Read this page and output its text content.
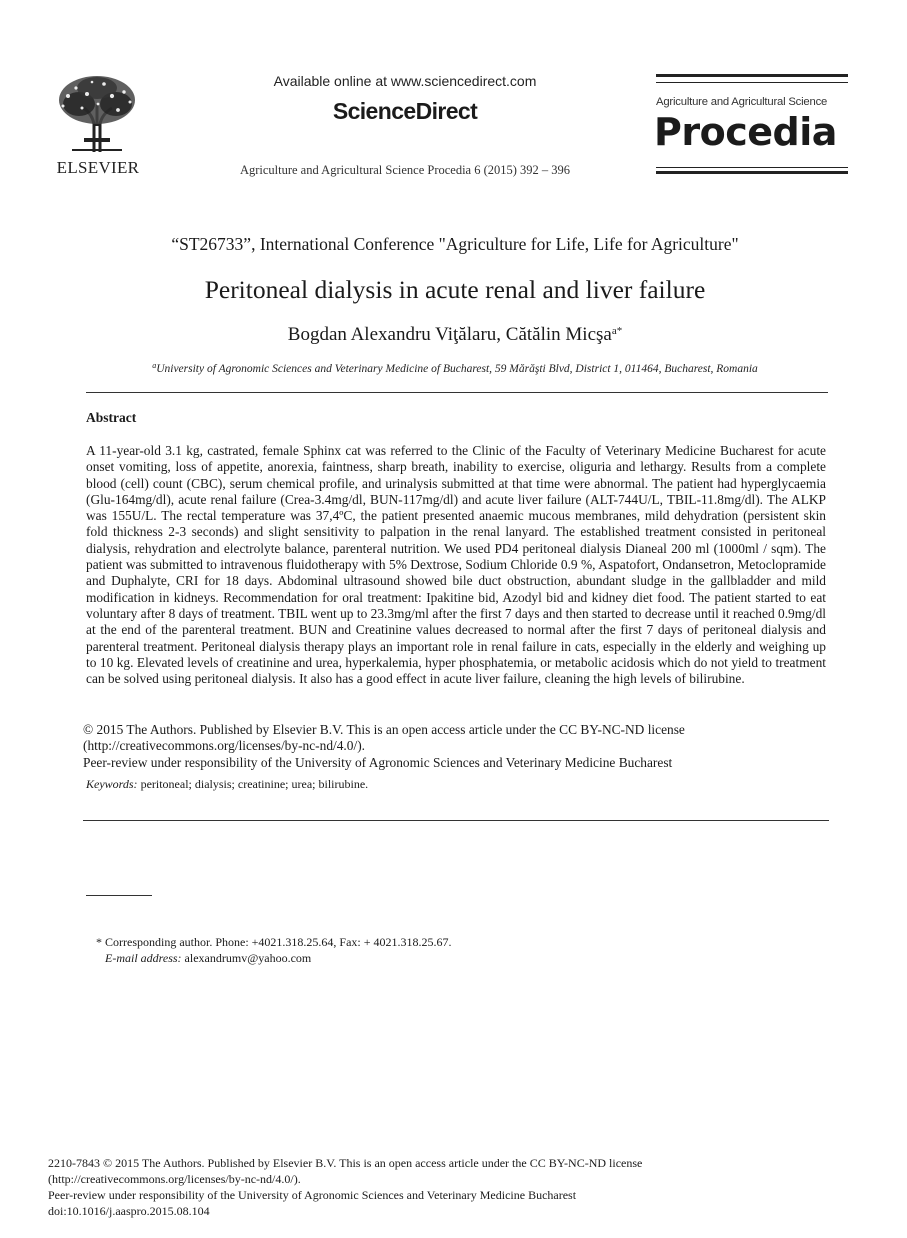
ELSEVIER
Available online at www.sciencedirect.com
ScienceDirect
Agriculture and Agricultural Science Procedia 6 (2015) 392 – 396
Agriculture and Agricultural Science
Procedia
“ST26733”, International Conference "Agriculture for Life, Life for Agriculture"
Peritoneal dialysis in acute renal and liver failure
Bogdan Alexandru Viţălaru, Cătălin Micşa$^{a*}$
$^a$University of Agronomic Sciences and Veterinary Medicine of Bucharest, 59 Mărăşti Blvd, District 1, 011464, Bucharest, Romania
Abstract
A 11-year-old 3.1 kg, castrated, female Sphinx cat was referred to the Clinic of the Faculty of Veterinary Medicine Bucharest for acute onset vomiting, loss of appetite, anorexia, faintness, sharp breath, inability to exercise, oliguria and lethargy. Results from a complete blood (cell) count (CBC), serum chemical profile, and urinalysis submitted at that time were abnormal. The patient had hyperglycaemia (Glu-164mg/dl), acute renal failure (Crea-3.4mg/dl, BUN-117mg/dl) and acute liver failure (ALT-744U/L, TBIL-11.8mg/dl). The ALKP was 155U/L. The rectal temperature was 37,4ºC, the patient presented anaemic mucous membranes, mild dehydration (persistent skin fold thickness 2-3 seconds) and slight sensitivity to palpation in the renal lanyard. The established treatment consisted in peritoneal dialysis, rehydration and electrolyte balance, parenteral nutrition. We used PD4 peritoneal dialysis Dianeal 200 ml (1000ml / sqm). The patient was submitted to intravenous fluidotherapy with 5% Dextrose, Sodium Chloride 0.9 %, Aspatofort, Ondansetron, Metoclopramide and Duphalyte, CRI for 18 days. Abdominal ultrasound showed bile duct obstruction, abundant sludge in the gallbladder and mild modification in kidneys. Recommendation for oral treatment: Ipakitine bid, Azodyl bid and kidney diet food. The patient started to eat voluntary after 8 days of treatment. TBIL went up to 23.3mg/ml after the first 7 days and then started to decrease until it reached 0.9mg/dl at the end of the parenteral treatment. BUN and Creatinine values decreased to normal after the first 7 days of peritoneal dialysis and parenteral treatment. Peritoneal dialysis therapy plays an important role in renal failure in cats, especially in the elderly and weighing up to 10 kg. Elevated levels of creatinine and urea, hyperkalemia, hyper phosphatemia, or metabolic acidosis which do not yield to treatment can be solved using peritoneal dialysis. It also has a good effect in acute liver failure, cleaning the high levels of bilirubine.
© 2015 The Authors. Published by Elsevier B.V. This is an open access article under the CC BY-NC-ND license
(http://creativecommons.org/licenses/by-nc-nd/4.0/).
Peer-review under responsibility of the University of Agronomic Sciences and Veterinary Medicine Bucharest
Keywords: peritoneal; dialysis; creatinine; urea; bilirubine.
* Corresponding author. Phone: +4021.318.25.64, Fax: + 4021.318.25.67.
E-mail address: alexandrumv@yahoo.com
2210-7843 © 2015 The Authors. Published by Elsevier B.V. This is an open access article under the CC BY-NC-ND license
(http://creativecommons.org/licenses/by-nc-nd/4.0/).
Peer-review under responsibility of the University of Agronomic Sciences and Veterinary Medicine Bucharest
doi:10.1016/j.aaspro.2015.08.104
